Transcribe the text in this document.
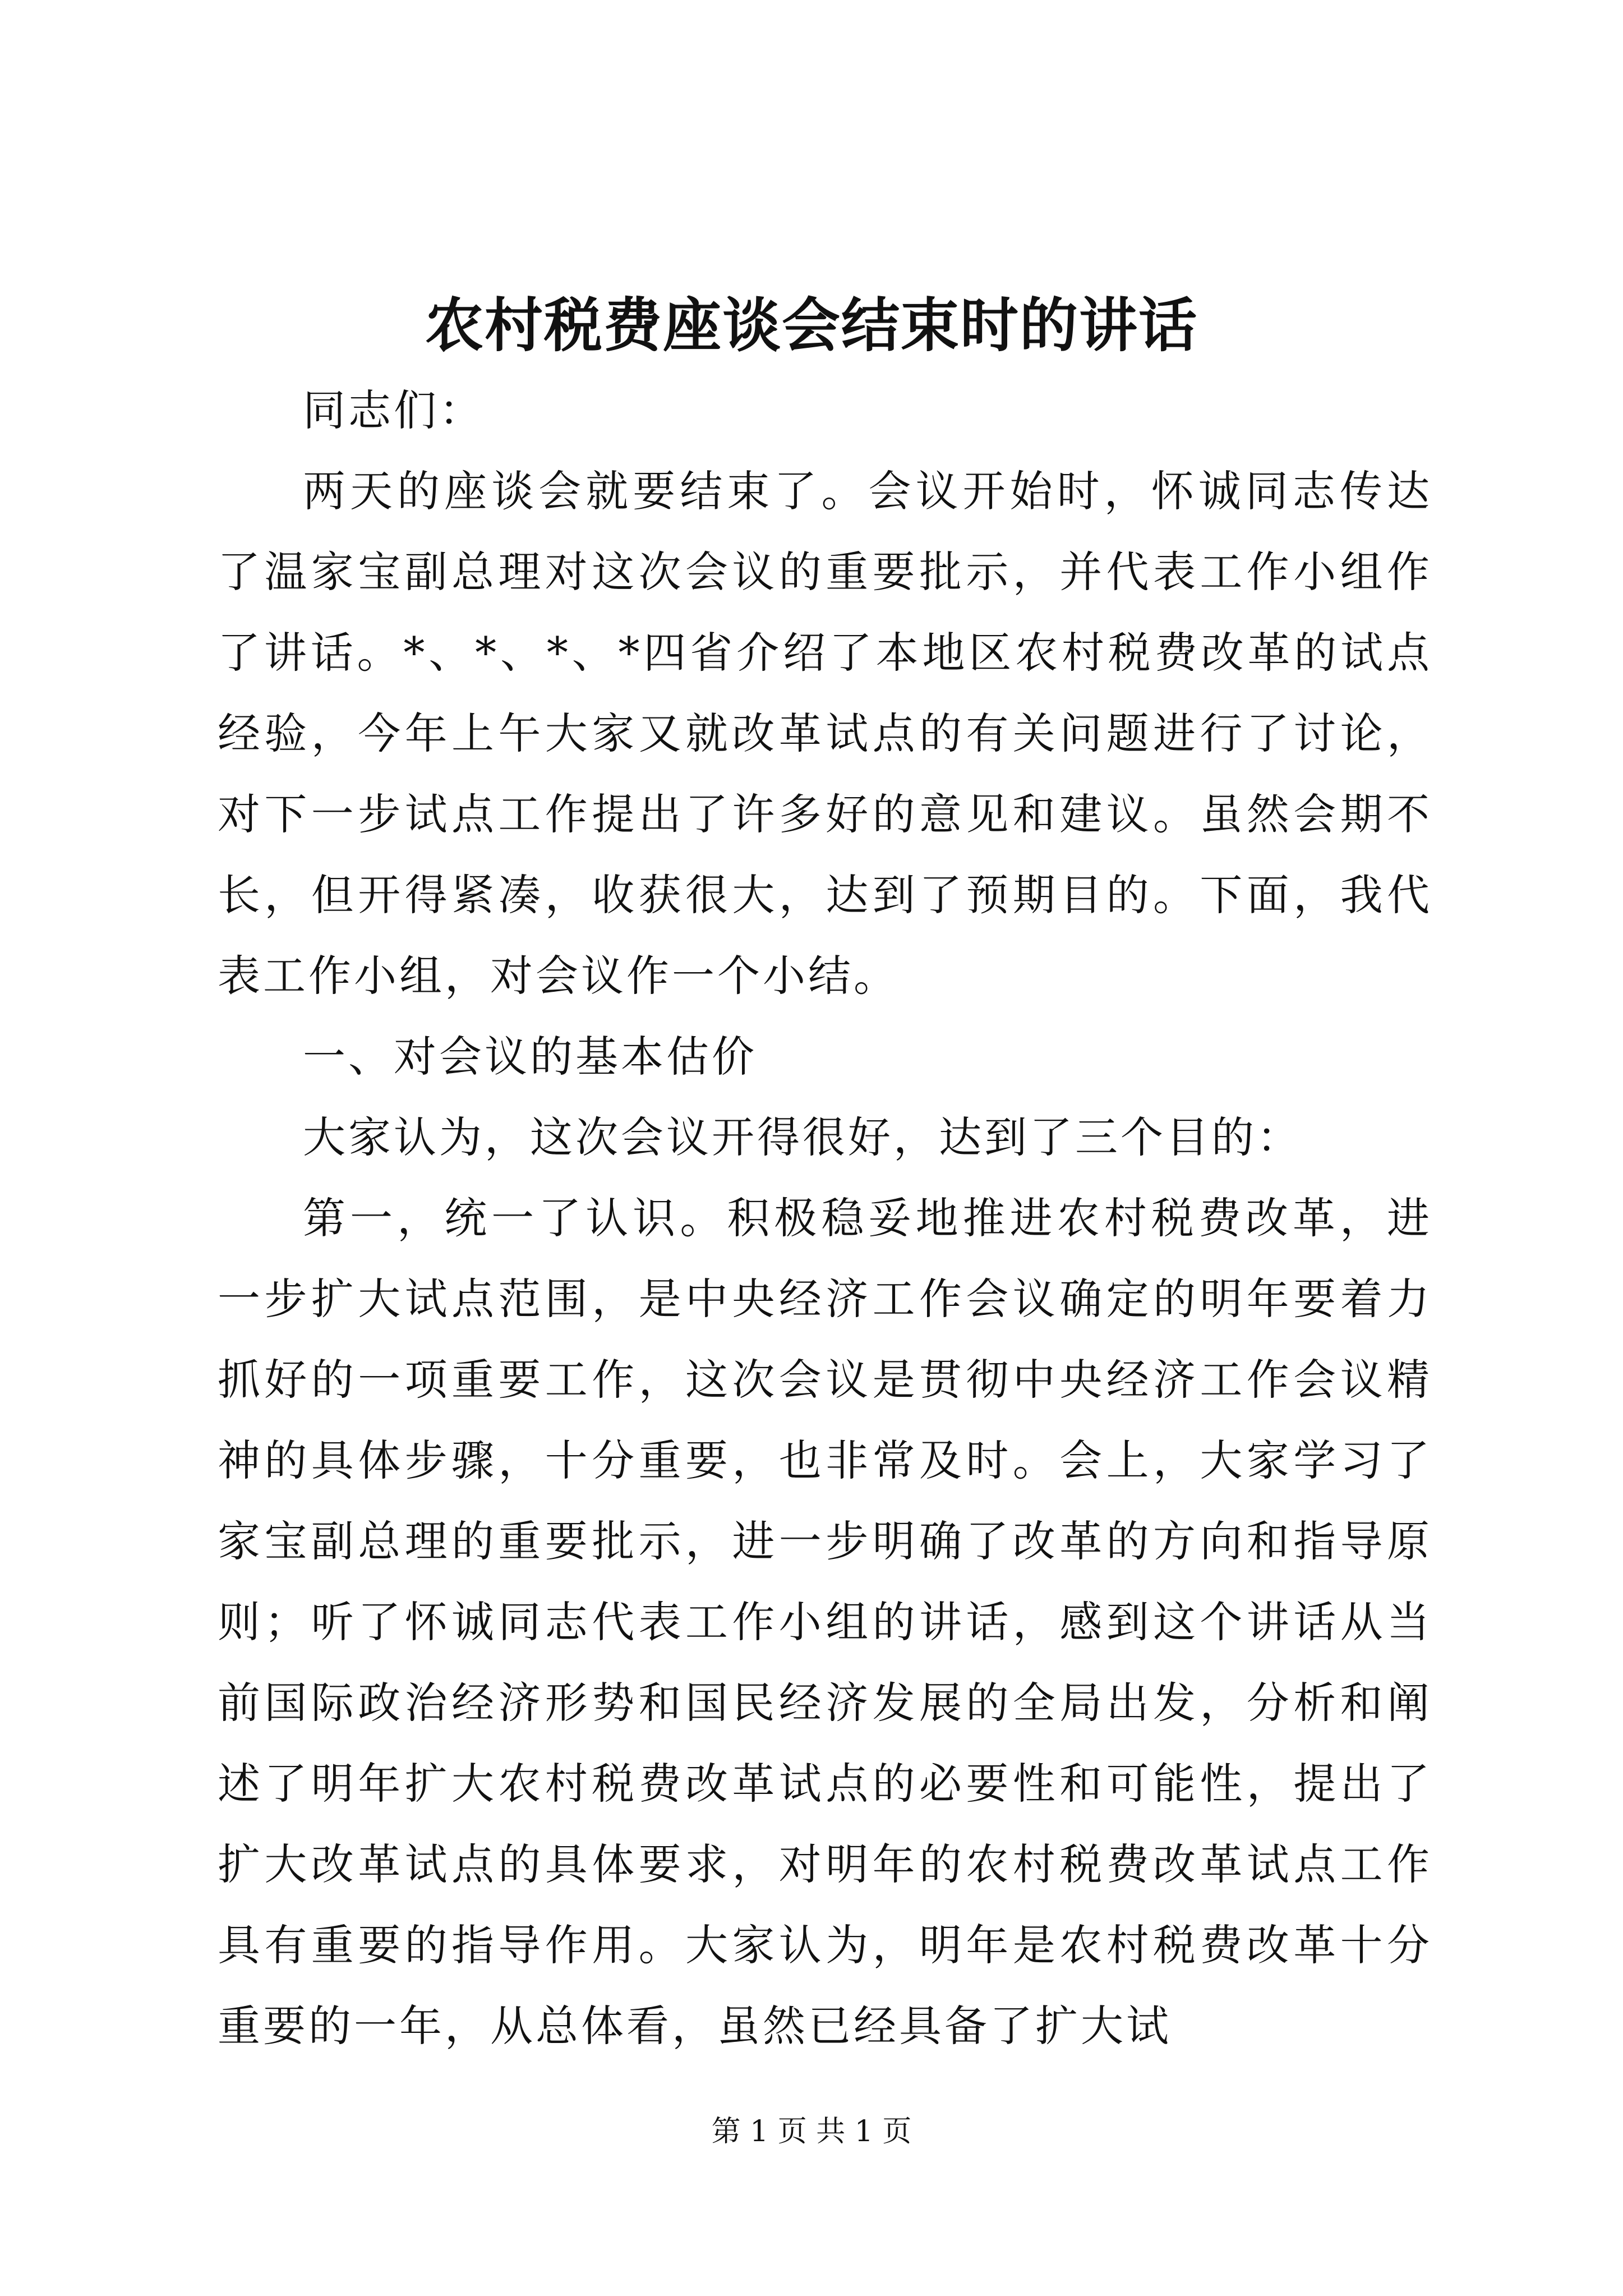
农村税费座谈会结束时的讲话

同志们：

两天的座谈会就要结束了。会议开始时，怀诚同志传达了温家宝副总理对这次会议的重要批示，并代表工作小组作了讲话。*、*、*、*四省介绍了本地区农村税费改革的试点经验，今年上午大家又就改革试点的有关问题进行了讨论，对下一步试点工作提出了许多好的意见和建议。虽然会期不长，但开得紧凑，收获很大，达到了预期目的。下面，我代表工作小组，对会议作一个小结。

一、对会议的基本估价

大家认为，这次会议开得很好，达到了三个目的：

第一，统一了认识。积极稳妥地推进农村税费改革，进一步扩大试点范围，是中央经济工作会议确定的明年要着力抓好的一项重要工作，这次会议是贯彻中央经济工作会议精神的具体步骤，十分重要，也非常及时。会上，大家学习了家宝副总理的重要批示，进一步明确了改革的方向和指导原则；听了怀诚同志代表工作小组的讲话，感到这个讲话从当前国际政治经济形势和国民经济发展的全局出发，分析和阐述了明年扩大农村税费改革试点的必要性和可能性，提出了扩大改革试点的具体要求，对明年的农村税费改革试点工作具有重要的指导作用。大家认为，明年是农村税费改革十分重要的一年，从总体看，虽然已经具备了扩大试

第 1 页 共 1 页
